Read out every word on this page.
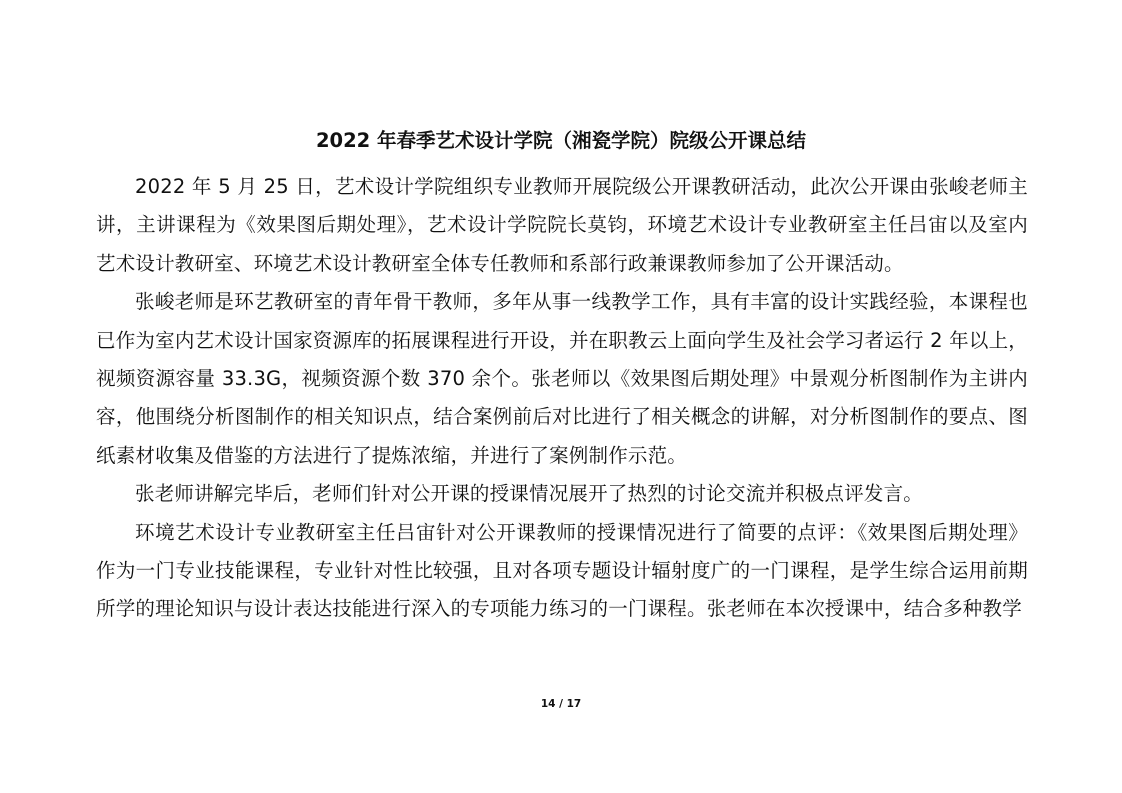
2022 年春季艺术设计学院（湘瓷学院）院级公开课总结

2022 年 5 月 25 日，艺术设计学院组织专业教师开展院级公开课教研活动，此次公开课由张峻老师主讲，主讲课程为《效果图后期处理》，艺术设计学院院长莫钧，环境艺术设计专业教研室主任吕宙以及室内艺术设计教研室、环境艺术设计教研室全体专任教师和系部行政兼课教师参加了公开课活动。

张峻老师是环艺教研室的青年骨干教师，多年从事一线教学工作，具有丰富的设计实践经验，本课程也已作为室内艺术设计国家资源库的拓展课程进行开设，并在职教云上面向学生及社会学习者运行 2 年以上，视频资源容量 33.3G，视频资源个数 370 余个。张老师以《效果图后期处理》中景观分析图制作为主讲内容，他围绕分析图制作的相关知识点，结合案例前后对比进行了相关概念的讲解，对分析图制作的要点、图纸素材收集及借鉴的方法进行了提炼浓缩，并进行了案例制作示范。

张老师讲解完毕后，老师们针对公开课的授课情况展开了热烈的讨论交流并积极点评发言。

环境艺术设计专业教研室主任吕宙针对公开课教师的授课情况进行了简要的点评：《效果图后期处理》作为一门专业技能课程，专业针对性比较强，且对各项专题设计辐射度广的一门课程，是学生综合运用前期所学的理论知识与设计表达技能进行深入的专项能力练习的一门课程。张老师在本次授课中，结合多种教学

14 / 17
